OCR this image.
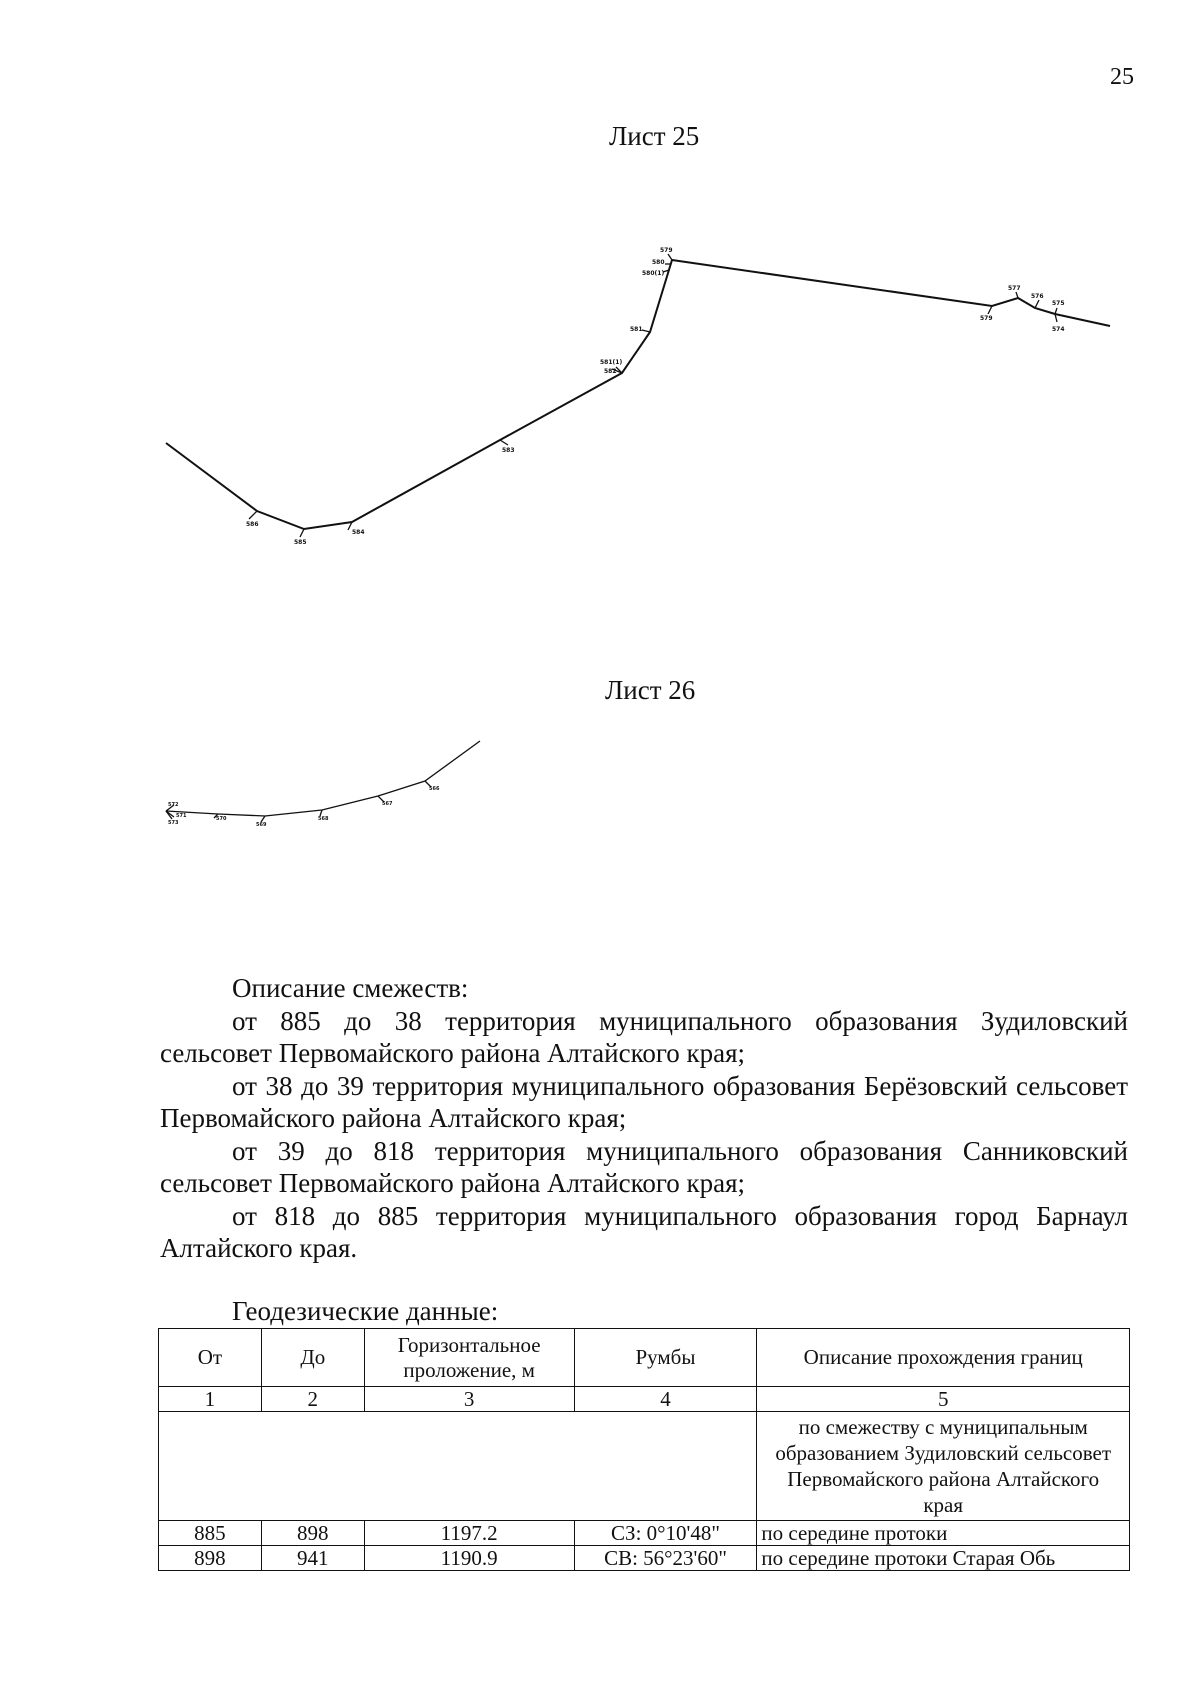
25
Лист 25
586
585
584
583
582
581(1)
581
580(1)
580
579
579
577
576
575
574
Лист 26
572
571
573
570
569
568
567
566

Описание смежеств:

от 885 до 38 территория муниципального образования Зудиловский сельсовет Первомайского района Алтайского края;

от 38 до 39 территория муниципального образования Берёзовский сельсовет Первомайского района Алтайского края;

от 39 до 818 территория муниципального образования Санниковский сельсовет Первомайского района Алтайского края;

от 818 до 885 территория муниципального образования город Барнаул Алтайского края.

Геодезические данные:
От	До	Горизонтальное проложение, м	Румбы	Описание прохождения границ
1	2	3	4	5
				по смежеству с муниципальным образованием Зудиловский сельсовет Первомайского района Алтайского края
885	898	1197.2	СЗ: 0°10'48"	по середине протоки
898	941	1190.9	СВ: 56°23'60"	по середине протоки Старая Обь
